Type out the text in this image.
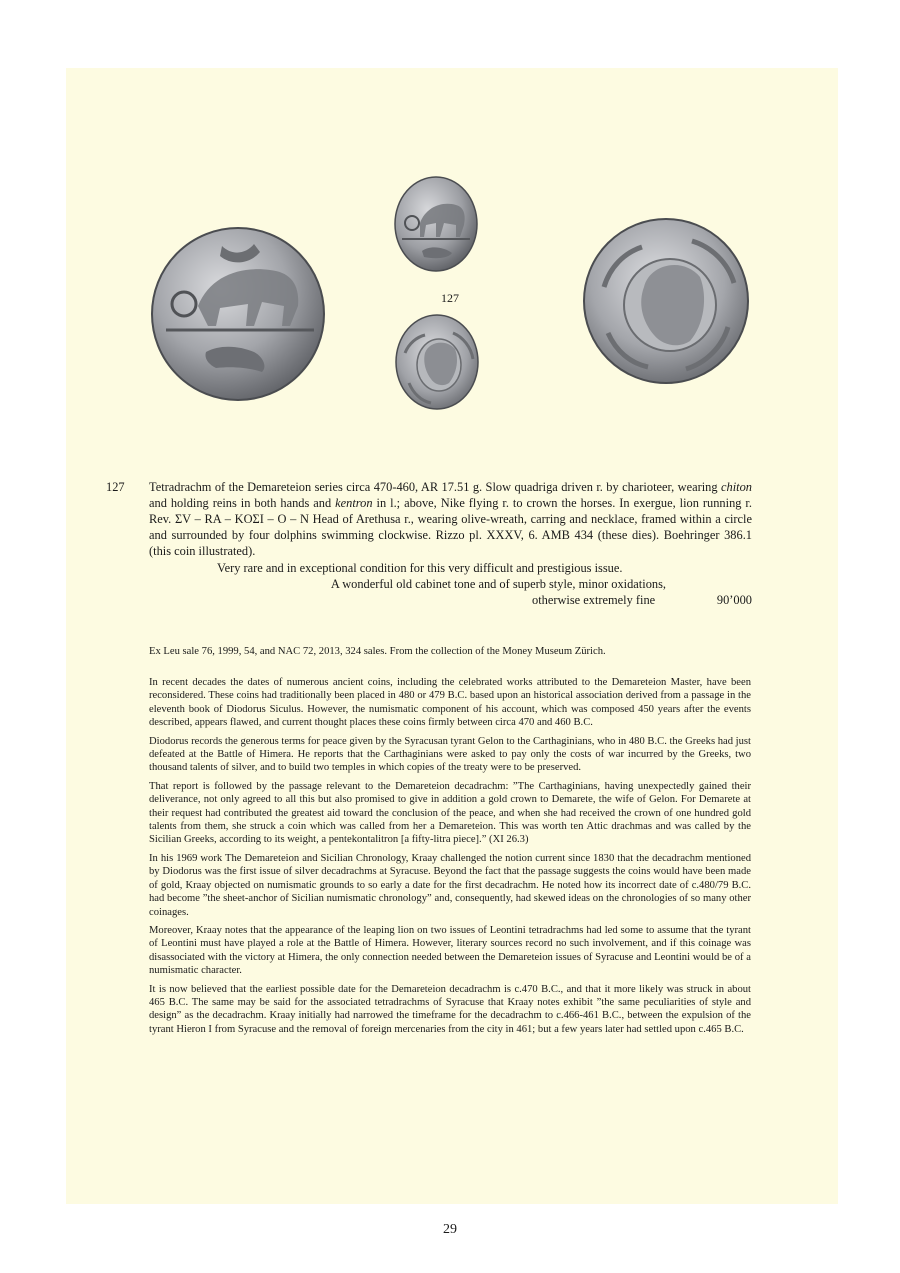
127
127 Tetradrachm of the Demareteion series circa 470-460, AR 17.51 g. Slow quadriga driven r. by charioteer, wearing chiton and holding reins in both hands and kentron in l.; above, Nike flying r. to crown the horses. In exergue, lion running r. Rev. ΣV – RA – KOΣI – O – N Head of Arethusa r., wearing olive-wreath, carring and necklace, framed within a circle and surrounded by four dolphins swimming clockwise. Rizzo pl. XXXV, 6. AMB 434 (these dies). Boehringer 386.1 (this coin illustrated).
Very rare and in exceptional condition for this very difficult and prestigious issue.
A wonderful old cabinet tone and of superb style, minor oxidations,
otherwise extremely fine	90’000

Ex Leu sale 76, 1999, 54, and NAC 72, 2013, 324 sales. From the collection of the Money Museum Zürich.

In recent decades the dates of numerous ancient coins, including the celebrated works attributed to the Demareteion Master, have been reconsidered. These coins had traditionally been placed in 480 or 479 B.C. based upon an historical association derived from a passage in the eleventh book of Diodorus Siculus. However, the numismatic component of his account, which was composed 450 years after the events described, appears flawed, and current thought places these coins firmly between circa 470 and 460 B.C.

Diodorus records the generous terms for peace given by the Syracusan tyrant Gelon to the Carthaginians, who in 480 B.C. the Greeks had just defeated at the Battle of Himera. He reports that the Carthaginians were asked to pay only the costs of war incurred by the Greeks, two thousand talents of silver, and to build two temples in which copies of the treaty were to be preserved.

That report is followed by the passage relevant to the Demareteion decadrachm: ”The Carthaginians, having unexpectedly gained their deliverance, not only agreed to all this but also promised to give in addition a gold crown to Demarete, the wife of Gelon. For Demarete at their request had contributed the greatest aid toward the conclusion of the peace, and when she had received the crown of one hundred gold talents from them, she struck a coin which was called from her a Demareteion. This was worth ten Attic drachmas and was called by the Sicilian Greeks, according to its weight, a pentekontalitron [a fifty-litra piece].” (XI 26.3)

In his 1969 work The Demareteion and Sicilian Chronology, Kraay challenged the notion current since 1830 that the decadrachm mentioned by Diodorus was the first issue of silver decadrachms at Syracuse. Beyond the fact that the passage suggests the coins would have been made of gold, Kraay objected on numismatic grounds to so early a date for the first decadrachm. He noted how its incorrect date of c.480/79 B.C. had become ”the sheet-anchor of Sicilian numismatic chronology” and, consequently, had skewed ideas on the chronologies of so many other coinages.

Moreover, Kraay notes that the appearance of the leaping lion on two issues of Leontini tetradrachms had led some to assume that the tyrant of Leontini must have played a role at the Battle of Himera. However, literary sources record no such involvement, and if this coinage was disassociated with the victory at Himera, the only connection needed between the Demareteion issues of Syracuse and Leontini would be of a numismatic character.

It is now believed that the earliest possible date for the Demareteion decadrachm is c.470 B.C., and that it more likely was struck in about 465 B.C. The same may be said for the associated tetradrachms of Syracuse that Kraay notes exhibit ”the same peculiarities of style and design” as the decadrachm. Kraay initially had narrowed the timeframe for the decadrachm to c.466-461 B.C., between the expulsion of the tyrant Hieron I from Syracuse and the removal of foreign mercenaries from the city in 461; but a few years later had settled upon c.465 B.C.

29
